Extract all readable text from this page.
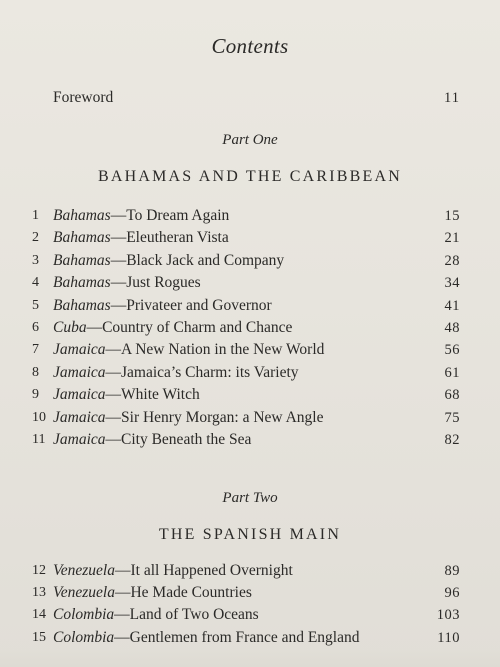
Contents
Foreword	11
Part One
BAHAMAS AND THE CARIBBEAN
1 Bahamas—To Dream Again	15
2 Bahamas—Eleutheran Vista	21
3 Bahamas—Black Jack and Company	28
4 Bahamas—Just Rogues	34
5 Bahamas—Privateer and Governor	41
6 Cuba—Country of Charm and Chance	48
7 Jamaica—A New Nation in the New World	56
8 Jamaica—Jamaica’s Charm: its Variety	61
9 Jamaica—White Witch	68
10 Jamaica—Sir Henry Morgan: a New Angle	75
11 Jamaica—City Beneath the Sea	82
Part Two
THE SPANISH MAIN
12 Venezuela—It all Happened Overnight	89
13 Venezuela—He Made Countries	96
14 Colombia—Land of Two Oceans	103
15 Colombia—Gentlemen from France and England	110
